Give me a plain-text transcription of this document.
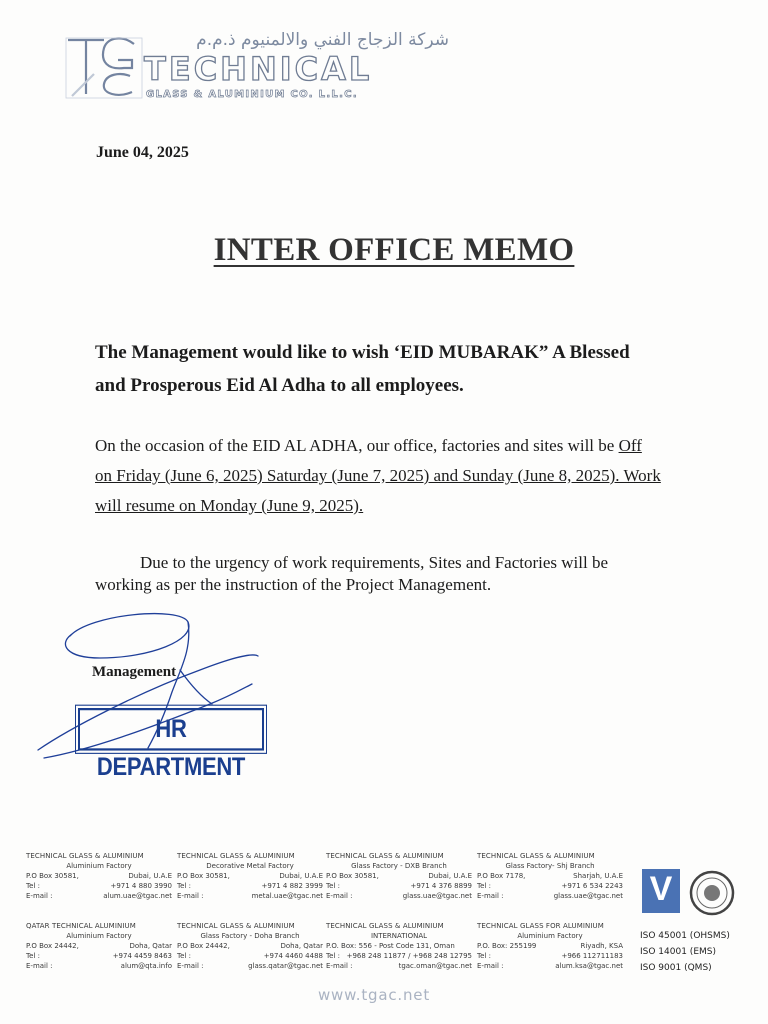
شركة الزجاج الفني والالمنيوم ذ.م.م
TECHNICAL
GLASS & ALUMINIUM CO. L.L.C.
June 04, 2025
INTER OFFICE MEMO
The Management would like to wish ‘EID MUBARAK” A Blessed
and Prosperous Eid Al Adha to all employees.
On the occasion of the EID AL ADHA, our office, factories and sites will be Off
on Friday (June 6, 2025) Saturday (June 7, 2025) and Sunday (June 8, 2025). Work
will resume on Monday (June 9, 2025).
Due to the urgency of work requirements, Sites and Factories will be
working as per the instruction of the Project Management.
Management
HR DEPARTMENT
TECHNICAL GLASS & ALUMINIUM
Aluminium Factory
P.O Box 30581,	Dubai, U.A.E
Tel :	+971 4 880 3990
E-mail :	alum.uae@tgac.net
TECHNICAL GLASS & ALUMINIUM
Decorative Metal Factory
P.O Box 30581,	Dubai, U.A.E
Tel :	+971 4 882 3999
E-mail :	metal.uae@tgac.net
TECHNICAL GLASS & ALUMINIUM
Glass Factory - DXB Branch
P.O Box 30581,	Dubai, U.A.E
Tel :	+971 4 376 8899
E-mail :	glass.uae@tgac.net
TECHNICAL GLASS & ALUMINIUM
Glass Factory- Shj Branch
P.O Box 7178,	Sharjah, U.A.E
Tel :	+971 6 534 2243
E-mail :	glass.uae@tgac.net
QATAR TECHNICAL ALUMINIUM
Aluminium Factory
P.O Box 24442,	Doha, Qatar
Tel :	+974 4459 8463
E-mail :	alum@qta.info
TECHNICAL GLASS & ALUMINIUM
Glass Factory - Doha Branch
P.O Box 24442,	Doha, Qatar
Tel :	+974 4460 4488
E-mail :	glass.qatar@tgac.net
TECHNICAL GLASS & ALUMINIUM
INTERNATIONAL
P.O. Box: 556 - Post Code 131, Oman
Tel : +968 248 11877 / +968 248 12795
E-mail :	tgac.oman@tgac.net
TECHNICAL GLASS FOR ALUMINIUM
Aluminium Factory
P.O. Box: 255199	Riyadh, KSA
Tel :	+966 112711183
E-mail :	alum.ksa@tgac.net
V
ISO 45001 (OHSMS)
ISO 14001 (EMS)
ISO 9001 (QMS)
www.tgac.net
